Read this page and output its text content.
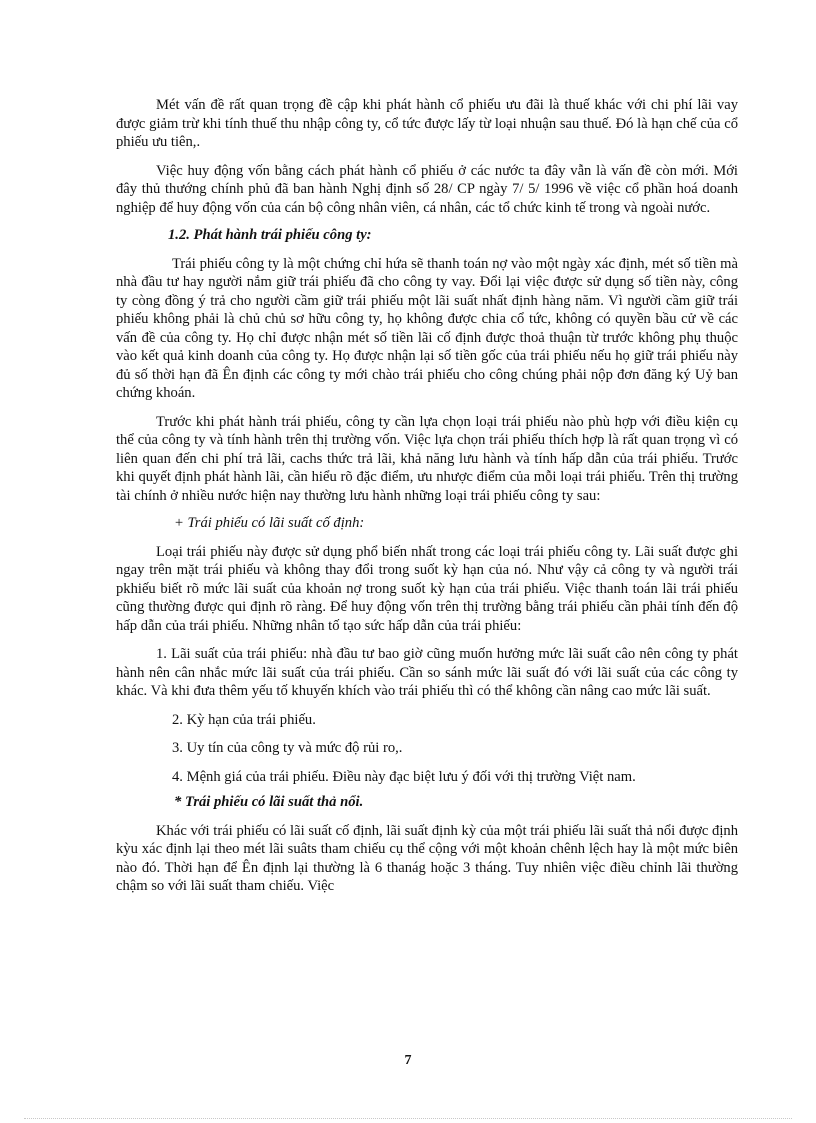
Mét vấn đề rất quan trọng đề cập khi phát hành cổ phiếu ưu đãi là thuế khác với chi phí lãi vay được giảm trừ khi tính thuế thu nhập công ty, cổ tức được lấy từ loại nhuận sau thuế. Đó là hạn chế của cổ phiếu ưu tiên,.

Việc huy động vốn bằng cách phát hành cổ phiếu ở các nước ta đây vẫn là vấn đề còn mới. Mới đây thủ thướng chính phủ đã ban hành Nghị định số 28/ CP ngày 7/ 5/ 1996 về việc cổ phần hoá doanh nghiệp để huy động vốn của cán bộ công nhân viên, cá nhân, các tổ chức kinh tế trong và ngoài nước.

1.2. Phát hành trái phiếu công ty:

Trái phiếu công ty là một chứng chỉ hứa sẽ thanh toán nợ vào một ngày xác định, mét số tiền mà nhà đầu tư hay người nắm giữ trái phiếu đã cho công ty vay. Đổi lại việc được sử dụng số tiền này, công ty còng đồng ý trả cho người cầm giữ trái phiếu một lãi suất nhất định hàng năm. Vì người cầm giữ trái phiếu không phải là chủ chủ sơ hữu công ty, họ không được chia cổ tức, không có quyền bầu cử về các vấn đề của công ty. Họ chỉ được nhận mét số tiền lãi cố định được thoả thuận từ trước không phụ thuộc vào kết quả kinh doanh của công ty. Họ được nhận lại số tiền gốc của trái phiếu nếu họ giữ trái phiếu này đủ số thời hạn đã Ên định các công ty mới chào trái phiếu cho công chúng phải nộp đơn đăng ký Uỷ ban chứng khoán.

Trước khi phát hành trái phiếu, công ty cần lựa chọn loại trái phiếu nào phù hợp với điều kiện cụ thể của công ty và tính hành trên thị trường vốn. Việc lựa chọn trái phiếu thích hợp là rất quan trọng vì có liên quan đến chi phí trả lãi, cachs thức trả lãi, khả năng lưu hành và tính hấp dẫn của trái phiếu. Trước khi quyết định phát hành lãi, cần hiểu rõ đặc điểm, ưu nhược điểm của mỗi loại trái phiếu. Trên thị trường tài chính ở nhiều nước hiện nay thường lưu hành những loại trái phiếu công ty sau:

+ Trái phiếu có lãi suất cố định:

Loại trái phiếu này được sử dụng phổ biến nhất trong các loại trái phiếu công ty. Lãi suất được ghi ngay trên mặt trái phiếu và không thay đổi trong suốt kỳ hạn của nó. Như vậy cả công ty và người trái pkhiếu biết rõ mức lãi suất của khoản nợ trong suốt kỳ hạn của trái phiếu. Việc thanh toán lãi trái phiếu cũng thường được qui định rõ ràng. Để huy động vốn trên thị trường bằng trái phiếu cần phải tính đến độ hấp dẫn của trái phiếu. Những nhân tố tạo sức hấp dẫn của trái phiếu:

1. Lãi suất của trái phiếu: nhà đầu tư bao giờ cũng muốn hưởng mức lãi suất câo nên công ty phát hành nên cân nhắc mức lãi suất của trái phiếu. Cần so sánh mức lãi suất đó với lãi suất của các công ty khác. Và khi đưa thêm yếu tố khuyến khích vào trái phiếu thì có thể không cần nâng cao mức lãi suất.

2. Kỳ hạn của trái phiếu.
3. Uy tín của công ty và mức độ rủi ro,.
4. Mệnh giá của trái phiếu. Điều này đạc biệt lưu ý đối với thị trường Việt nam.
* Trái phiếu có lãi suất thả nổi.

Khác với trái phiếu có lãi suất cố định, lãi suất định kỳ của một trái phiếu lãi suất thả nổi được định kỳu xác định lại theo mét lãi suâts tham chiếu cụ thể cộng với một khoản chênh lệch hay là một mức biên nào đó. Thời hạn để Ên định lại thường là 6 thanág hoặc 3 tháng. Tuy nhiên việc điều chỉnh lãi thường chậm so với lãi suất tham chiếu. Việc

7
